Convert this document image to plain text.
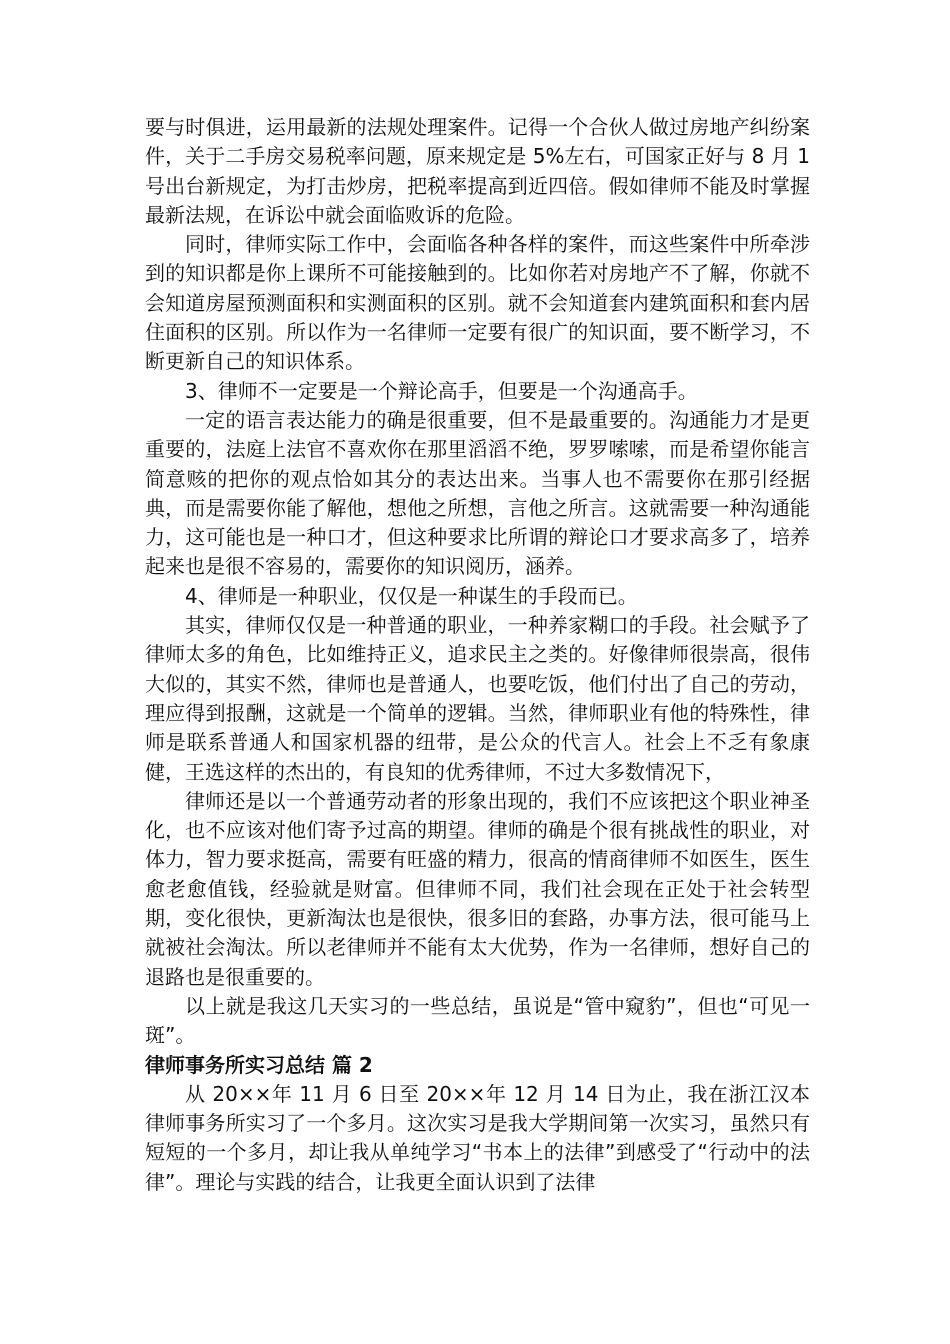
要与时俱进，运用最新的法规处理案件。记得一个合伙人做过房地产纠纷案件，关于二手房交易税率问题，原来规定是 5%左右，可国家正好与 8 月 1 号出台新规定，为打击炒房，把税率提高到近四倍。假如律师不能及时掌握最新法规，在诉讼中就会面临败诉的危险。

同时，律师实际工作中，会面临各种各样的案件，而这些案件中所牵涉到的知识都是你上课所不可能接触到的。比如你若对房地产不了解，你就不会知道房屋预测面积和实测面积的区别。就不会知道套内建筑面积和套内居住面积的区别。所以作为一名律师一定要有很广的知识面，要不断学习，不断更新自己的知识体系。

3、律师不一定要是一个辩论高手，但要是一个沟通高手。

一定的语言表达能力的确是很重要，但不是最重要的。沟通能力才是更重要的，法庭上法官不喜欢你在那里滔滔不绝，罗罗嗦嗦，而是希望你能言简意赅的把你的观点恰如其分的表达出来。当事人也不需要你在那引经据典，而是需要你能了解他，想他之所想，言他之所言。这就需要一种沟通能力，这可能也是一种口才，但这种要求比所谓的辩论口才要求高多了，培养起来也是很不容易的，需要你的知识阅历，涵养。

4、律师是一种职业，仅仅是一种谋生的手段而已。

其实，律师仅仅是一种普通的职业，一种养家糊口的手段。社会赋予了律师太多的角色，比如维持正义，追求民主之类的。好像律师很崇高，很伟大似的，其实不然，律师也是普通人，也要吃饭，他们付出了自己的劳动，理应得到报酬，这就是一个简单的逻辑。当然，律师职业有他的特殊性，律师是联系普通人和国家机器的纽带，是公众的代言人。社会上不乏有象康健，王选这样的杰出的，有良知的优秀律师，不过大多数情况下，

律师还是以一个普通劳动者的形象出现的，我们不应该把这个职业神圣化，也不应该对他们寄予过高的期望。律师的确是个很有挑战性的职业，对体力，智力要求挺高，需要有旺盛的精力，很高的情商律师不如医生，医生愈老愈值钱，经验就是财富。但律师不同，我们社会现在正处于社会转型期，变化很快，更新淘汰也是很快，很多旧的套路，办事方法，很可能马上就被社会淘汰。所以老律师并不能有太大优势，作为一名律师，想好自己的退路也是很重要的。

以上就是我这几天实习的一些总结，虽说是“管中窥豹”，但也“可见一斑”。

律师事务所实习总结 篇 2

从 20××年 11 月 6 日至 20××年 12 月 14 日为止，我在浙江汉本律师事务所实习了一个多月。这次实习是我大学期间第一次实习，虽然只有短短的一个多月，却让我从单纯学习“书本上的法律”到感受了“行动中的法律”。理论与实践的结合，让我更全面认识到了法律
